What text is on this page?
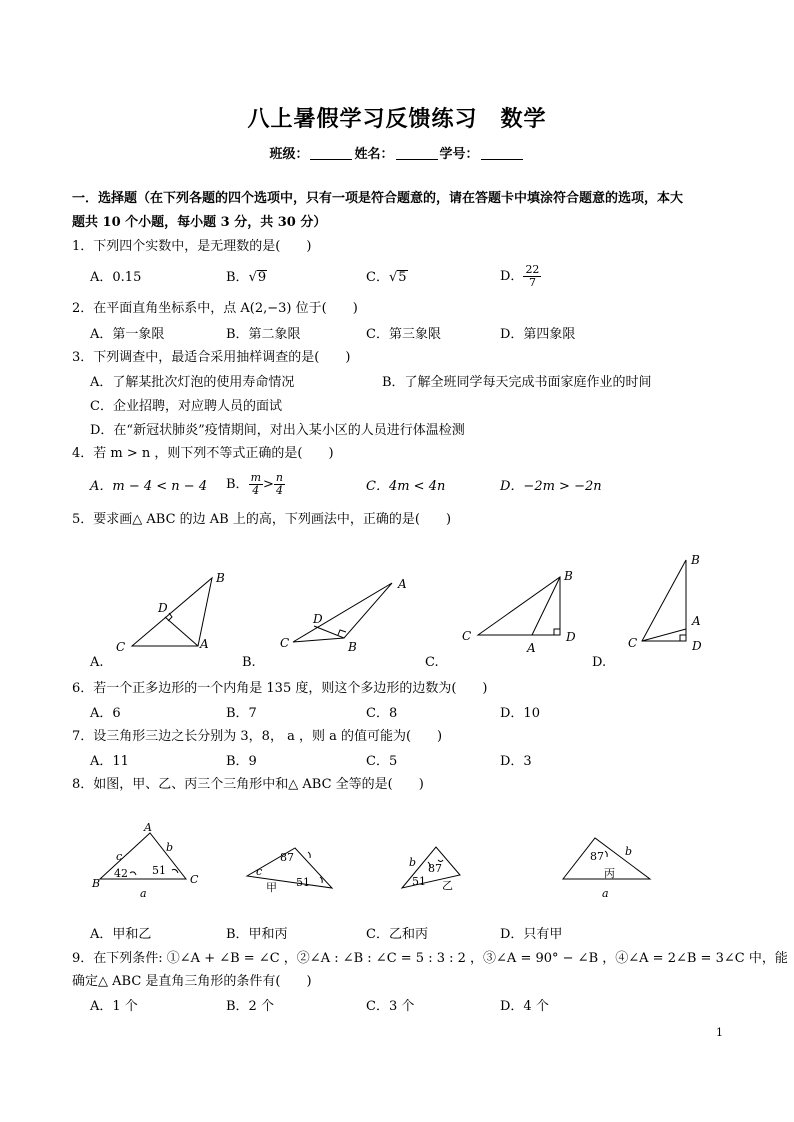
八上暑假学习反馈练习　数学
班级：	姓名：	学号：
一．选择题（在下列各题的四个选项中，只有一项是符合题意的，请在答题卡中填涂符合题意的选项，本大
题共 10 个小题，每小题 3 分，共 30 分）
1．下列四个实数中，是无理数的是(　　)
A．0.15	B．√9	C．√5	D． $\frac{22}{7}$
2．在平面直角坐标系中，点 A(2,−3) 位于(　　)
A．第一象限	B．第二象限	C．第三象限	D．第四象限
3．下列调查中，最适合采用抽样调查的是(　　)
A．了解某批次灯泡的使用寿命情况	B．了解全班同学每天完成书面家庭作业的时间
C．企业招聘，对应聘人员的面试
D．在“新冠状肺炎”疫情期间，对出入某小区的人员进行体温检测
4．若 m > n ，则下列不等式正确的是(　　)
A．m − 4 < n − 4 B． $\frac{m}{4} > \frac{n}{4}$	C．4m < 4n	D．−2m > −2n
5．要求画△ ABC 的边 AB 上的高，下列画法中，正确的是(　　)
C	A
B
D
C	B
A
D
C
A
B
D	C
B
A
D
A.	B.	C.	D.
6．若一个正多边形的一个内角是 135 度，则这个多边形的边数为(　　)
A．6	B．7	C．8	D．10
7．设三角形三边之长分别为 3，8， a ，则 a 的值可能为(　　)
A．11	B．9	C．5	D．3
8．如图，甲、乙、丙三个三角形中和△ ABC 全等的是(　　)
B
A
C
c
b
a
42 51
87
51
甲
c	87
51 乙
b	87
丙
b
a
A．甲和乙	B．甲和丙	C．乙和丙	D．只有甲
9．在下列条件: ①∠A + ∠B = ∠C ，②∠A : ∠B : ∠C = 5 : 3 : 2 ，③∠A = 90° − ∠B ，④∠A = 2∠B = 3∠C 中，能
确定△ ABC 是直角三角形的条件有(　　)
A．1 个	B．2 个	C．3 个	D．4 个
1
